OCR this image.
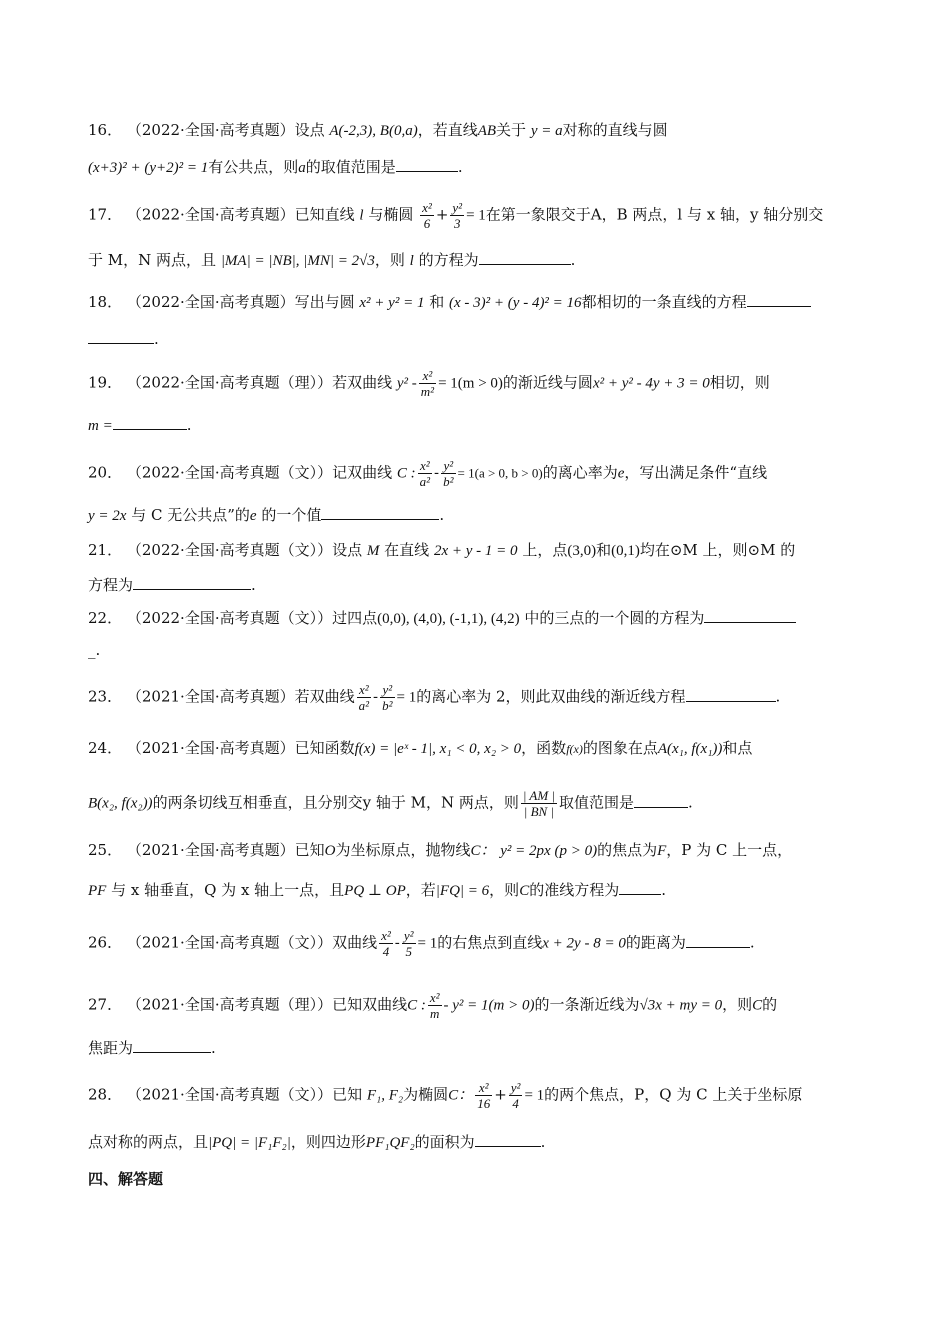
16． （2022·全国·高考真题）设点 A(-2,3), B(0,a)，若直线AB关于 y = a对称的直线与圆
(x+3)² + (y+2)² = 1有公共点，则a的取值范围是	.
17． （2022·全国·高考真题）已知直线 l 与椭圆 $\frac{\text{x²}}{6} + \frac{\text{y²}}{3} = 1$在第一象限交于A，B 两点，l 与 x 轴，y 轴分别交
于 M，N 两点，且 |MA| = |NB|, |MN| = 2√3，则 l 的方程为	.
18． （2022·全国·高考真题）写出与圆 x² + y² = 1 和 (x - 3)² + (y - 4)² = 16都相切的一条直线的方程
.
19． （2022·全国·高考真题（理））若双曲线 $y^2 - \frac{\text{x²}}{\text{m²}} = 1(m > 0)$的渐近线与圆x² + y² - 4y + 3 = 0相切，则
m =	.
20． （2022·全国·高考真题（文））记双曲线 C : $\frac{\text{x²}}{\text{a²}} - \frac{\text{y²}}{\text{b²}} = 1(a > 0$, b > 0)的离心率为e，写出满足条件“直线
y = 2x 与 C 无公共点”的e 的一个值	.
21． （2022·全国·高考真题（文））设点 M 在直线 2x + y - 1 = 0 上，点(3,0)和(0,1)均在⊙M 上，则⊙M 的
方程为	.
22． （2022·全国·高考真题（文））过四点(0,0), (4,0), (-1,1), (4,2) 中的三点的一个圆的方程为
_.
23． （2021·全国·高考真题）若双曲线 $\frac{\text{x²}}{\text{a²}} - \frac{\text{y²}}{\text{b²}} = 1$的离心率为 2，则此双曲线的渐近线方程	.
24． （2021·全国·高考真题）已知函数f(x) = |eˣ - 1|, x₁ < 0, x₂ > 0，函数f(x)的图象在点A(x₁, f(x₁))和点
B(x₂, f(x₂))的两条切线互相垂直，且分别交y 轴于 M，N 两点，则 $\frac{| AM |}{| BN |}$ 取值范围是	.
25． （2021·全国·高考真题）已知O为坐标原点，抛物线C： y² = 2px (p > 0)的焦点为F，P 为 C 上一点，
PF 与 x 轴垂直，Q 为 x 轴上一点，且PQ ⊥ OP，若|FQ| = 6，则C的准线方程为	.
26． （2021·全国·高考真题（文））双曲线 $\frac{\text{x²}}{4} - \frac{\text{y²}}{5} = 1$的右焦点到直线x + 2y - 8 = 0的距离为	.
27． （2021·全国·高考真题（理））已知双曲线C : $\frac{\text{x²}}{m} - y^2 = 1(m > 0)$的一条渐近线为√3x + my = 0，则C的
焦距为	.
28． （2021·全国·高考真题（文））已知 F₁, F₂为椭圆C： $\frac{\text{x²}}{16} + \frac{\text{y²}}{4} = 1$的两个焦点，P，Q 为 C 上关于坐标原
点对称的两点，且|PQ| = |F₁F₂|，则四边形PF₁QF₂的面积为	.
四、解答题
